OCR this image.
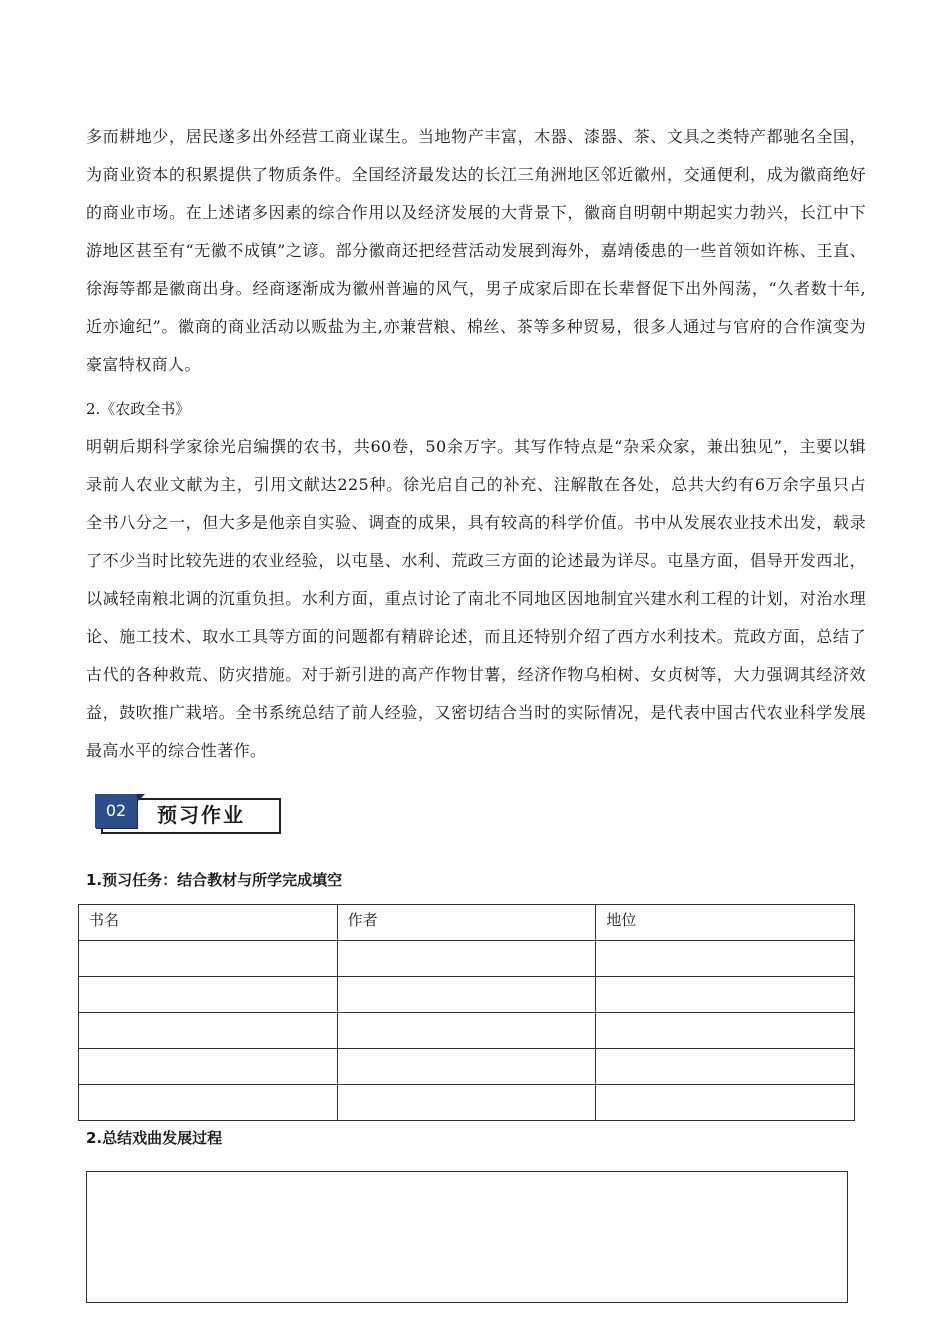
多而耕地少，居民遂多出外经营工商业谋生。当地物产丰富，木器、漆器、茶、文具之类特产都驰名全国，为商业资本的积累提供了物质条件。全国经济最发达的长江三角洲地区邻近徽州，交通便利，成为徽商绝好的商业市场。在上述诸多因素的综合作用以及经济发展的大背景下，徽商自明朝中期起实力勃兴，长江中下游地区甚至有“无徽不成镇”之谚。部分徽商还把经营活动发展到海外，嘉靖倭患的一些首领如许栋、王直、徐海等都是徽商出身。经商逐渐成为徽州普遍的风气，男子成家后即在长辈督促下出外闯荡，“久者数十年,近亦逾纪”。徽商的商业活动以贩盐为主,亦兼营粮、棉丝、茶等多种贸易，很多人通过与官府的合作演变为豪富特权商人。

2.《农政全书》

明朝后期科学家徐光启编撰的农书，共60卷，50余万字。其写作特点是“杂采众家，兼出独见”，主要以辑录前人农业文献为主，引用文献达225种。徐光启自己的补充、注解散在各处，总共大约有6万余字虽只占全书八分之一，但大多是他亲自实验、调查的成果，具有较高的科学价值。书中从发展农业技术出发，载录了不少当时比较先进的农业经验，以屯垦、水利、荒政三方面的论述最为详尽。屯垦方面，倡导开发西北，以减轻南粮北调的沉重负担。水利方面，重点讨论了南北不同地区因地制宜兴建水利工程的计划，对治水理论、施工技术、取水工具等方面的问题都有精辟论述，而且还特别介绍了西方水利技术。荒政方面，总结了古代的各种救荒、防灾措施。对于新引进的高产作物甘薯，经济作物乌桕树、女贞树等，大力强调其经济效益，鼓吹推广栽培。全书系统总结了前人经验，又密切结合当时的实际情况，是代表中国古代农业科学发展最高水平的综合性著作。

02	预习作业

1.预习任务：结合教材与所学完成填空

书名	作者	地位

2.总结戏曲发展过程
